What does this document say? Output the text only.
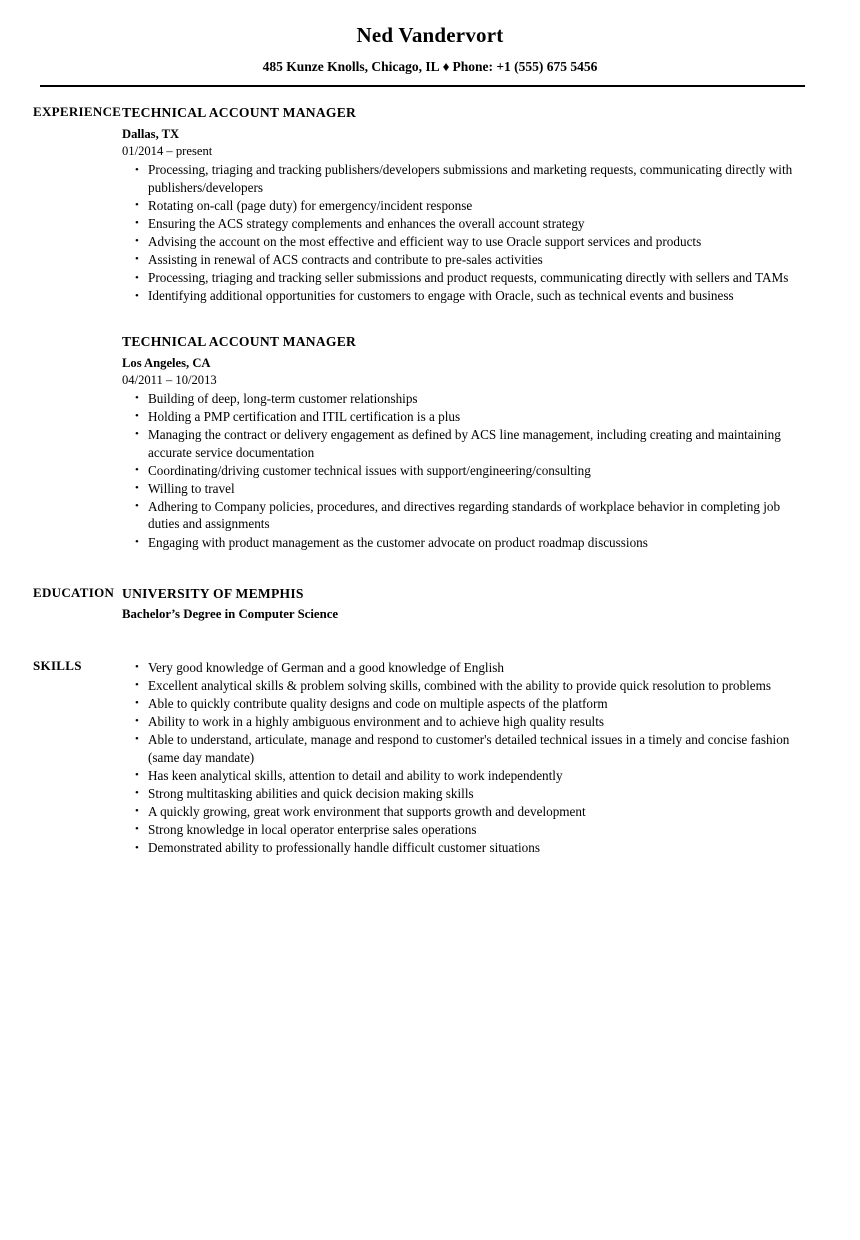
Ned Vandervort
485 Kunze Knolls, Chicago, IL ♦ Phone: +1 (555) 675 5456
EXPERIENCE TECHNICAL ACCOUNT MANAGER
Dallas, TX
01/2014 – present
• Processing, triaging and tracking publishers/developers submissions and marketing requests, communicating directly with publishers/developers
• Rotating on-call (page duty) for emergency/incident response
• Ensuring the ACS strategy complements and enhances the overall account strategy
• Advising the account on the most effective and efficient way to use Oracle support services and products
• Assisting in renewal of ACS contracts and contribute to pre-sales activities
• Processing, triaging and tracking seller submissions and product requests, communicating directly with sellers and TAMs
• Identifying additional opportunities for customers to engage with Oracle, such as technical events and business
TECHNICAL ACCOUNT MANAGER
Los Angeles, CA
04/2011 – 10/2013
• Building of deep, long-term customer relationships
• Holding a PMP certification and ITIL certification is a plus
• Managing the contract or delivery engagement as defined by ACS line management, including creating and maintaining accurate service documentation
• Coordinating/driving customer technical issues with support/engineering/consulting
• Willing to travel
• Adhering to Company policies, procedures, and directives regarding standards of workplace behavior in completing job duties and assignments
• Engaging with product management as the customer advocate on product roadmap discussions
EDUCATION UNIVERSITY OF MEMPHIS
Bachelor’s Degree in Computer Science
SKILLS	• Very good knowledge of German and a good knowledge of English
• Excellent analytical skills & problem solving skills, combined with the ability to provide quick resolution to problems
• Able to quickly contribute quality designs and code on multiple aspects of the platform
• Ability to work in a highly ambiguous environment and to achieve high quality results
• Able to understand, articulate, manage and respond to customer's detailed technical issues in a timely and concise fashion (same day mandate)
• Has keen analytical skills, attention to detail and ability to work independently
• Strong multitasking abilities and quick decision making skills
• A quickly growing, great work environment that supports growth and development
• Strong knowledge in local operator enterprise sales operations
• Demonstrated ability to professionally handle difficult customer situations
